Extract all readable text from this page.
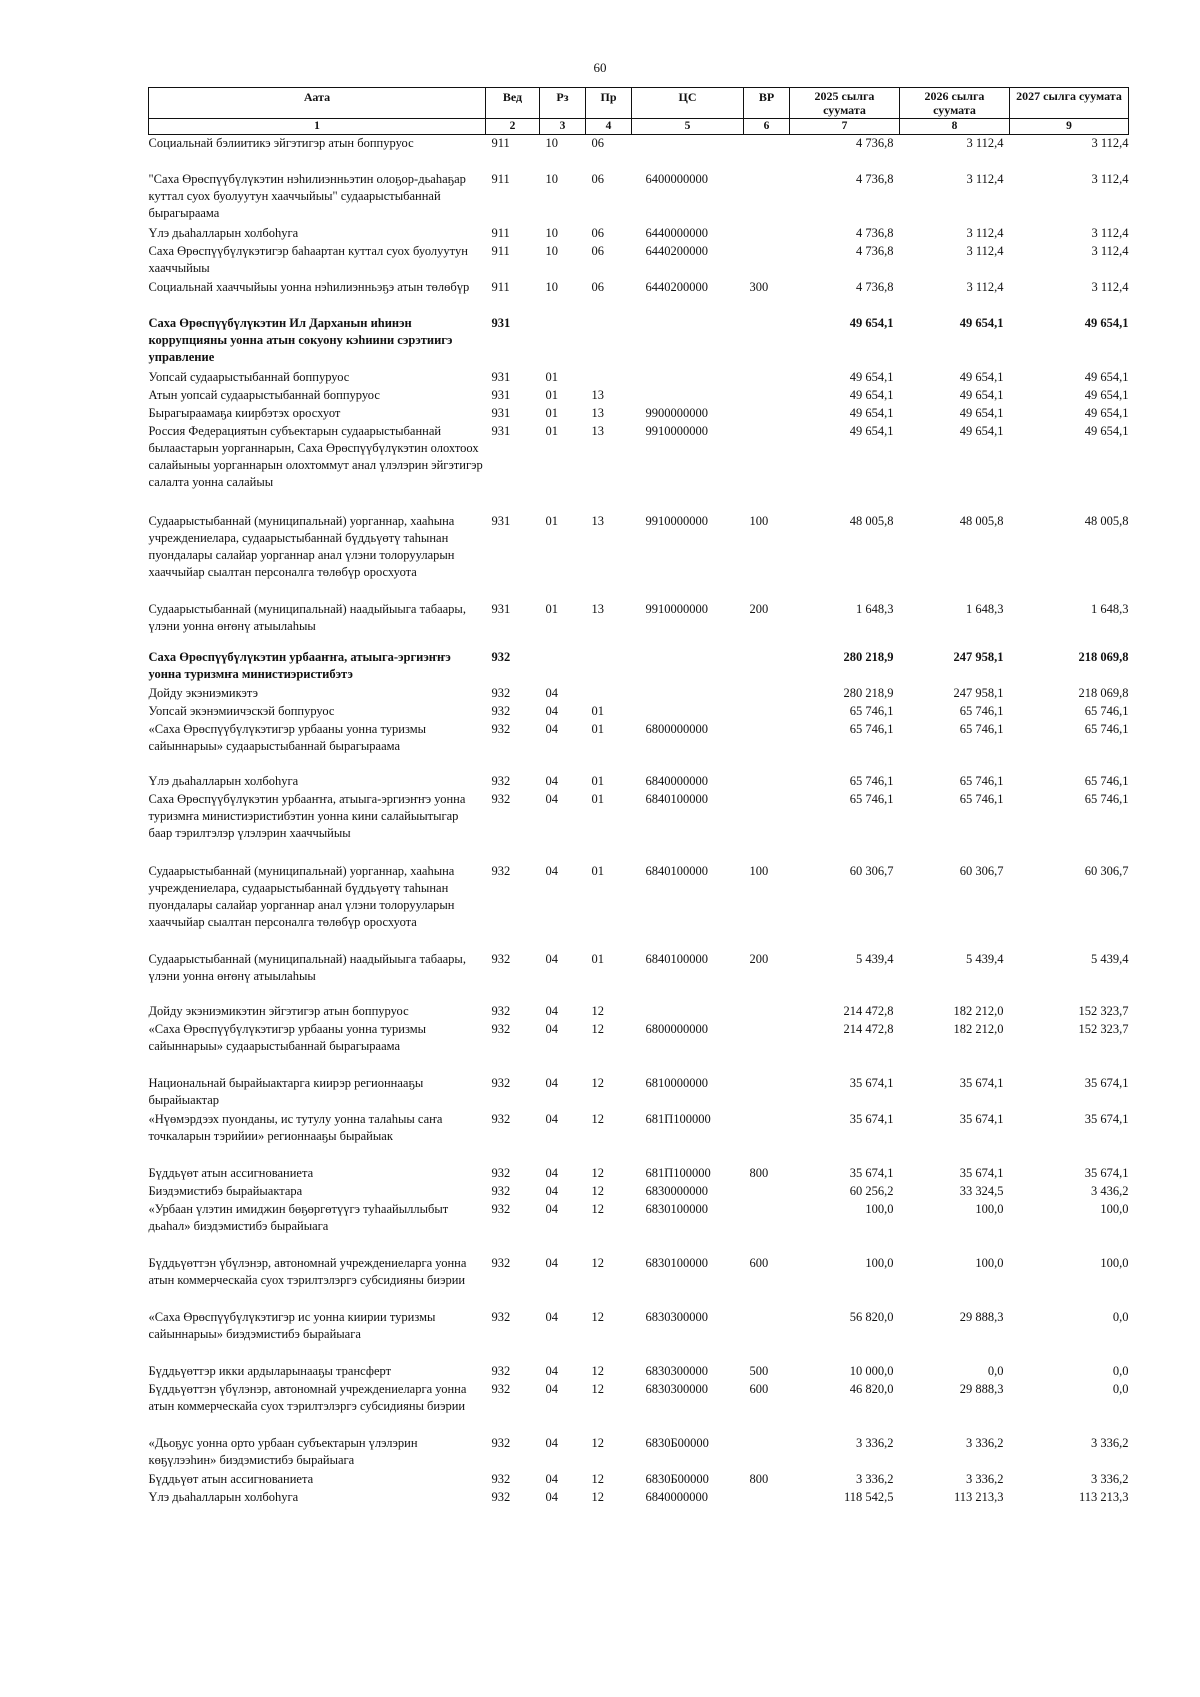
60
Аата	Вед	Рз	Пр	ЦС	ВР	2025 сылга суумата	2026 сылга суумата	2027 сылга суумата
1	2	3	4	5	6	7	8	9
Социальнай бэлиитикэ эйгэтигэр атын боппуруос	911	10	06			4 736,8	3 112,4	3 112,4
"Саха Өрөспүүбүлүкэтин нэһилиэнньэтин олоҕор-дьаһаҕар куттал суох буолуутун хааччыйыы" судаарыстыбаннай бырагыраама	911	10	06	6400000000		4 736,8	3 112,4	3 112,4
Үлэ дьаһалларын холбоһуга	911	10	06	6440000000		4 736,8	3 112,4	3 112,4
Саха Өрөспүүбүлүкэтигэр баһаартан куттал суох буолуутун хааччыйыы	911	10	06	6440200000		4 736,8	3 112,4	3 112,4
Социальнай хааччыйыы уонна нэһилиэнньэҕэ атын төлөбүр	911	10	06	6440200000	300	4 736,8	3 112,4	3 112,4
Саха Өрөспүүбүлүкэтин Ил Дарханын иһинэн коррупцияны уонна атын сокуону кэһиини сэрэтиигэ управление	931					49 654,1	49 654,1	49 654,1
Уопсай судаарыстыбаннай боппуруос	931	01				49 654,1	49 654,1	49 654,1
Атын уопсай судаарыстыбаннай боппуруос	931	01	13			49 654,1	49 654,1	49 654,1
Бырагыраамаҕа киирбэтэх оросхуот	931	01	13	9900000000		49 654,1	49 654,1	49 654,1
Россия Федерациятын субъектарын судаарыстыбаннай былаастарын уорганнарын, Саха Өрөспүүбүлүкэтин олохтоох салайыныы уорганнарын олохтоммут анал үлэлэрин эйгэтигэр салалта уонна салайыы	931	01	13	9910000000		49 654,1	49 654,1	49 654,1
Судаарыстыбаннай (муниципальнай) уорганнар, хааһына учреждениелара, судаарыстыбаннай бүддьүөтү таһынан пуондалары салайар уорганнар анал үлэни толорууларын хааччыйар сыалтан персоналга төлөбүр оросхуота	931	01	13	9910000000	100	48 005,8	48 005,8	48 005,8
Судаарыстыбаннай (муниципальнай) наадыйыыга табаары, үлэни уонна өҥөнү атыылаһыы	931	01	13	9910000000	200	1 648,3	1 648,3	1 648,3
Саха Өрөспүүбүлүкэтин урбааҥҥа, атыыга-эргиэҥҥэ уонна туризмҥа министиэристибэтэ	932					280 218,9	247 958,1	218 069,8
Дойду экэниэмикэтэ	932	04				280 218,9	247 958,1	218 069,8
Уопсай экэнэмиичэскэй боппуруос	932	04	01			65 746,1	65 746,1	65 746,1
«Саха Өрөспүүбүлүкэтигэр урбааны уонна туризмы сайыннарыы» судаарыстыбаннай бырагыраама	932	04	01	6800000000		65 746,1	65 746,1	65 746,1
Үлэ дьаһалларын холбоһуга	932	04	01	6840000000		65 746,1	65 746,1	65 746,1
Саха Өрөспүүбүлүкэтин урбааҥҥа, атыыга-эргиэҥҥэ уонна туризмҥа министиэристибэтин уонна кини салайыытыгар баар тэрилтэлэр үлэлэрин хааччыйыы	932	04	01	6840100000		65 746,1	65 746,1	65 746,1
Судаарыстыбаннай (муниципальнай) уорганнар, хааһына учреждениелара, судаарыстыбаннай бүддьүөтү таһынан пуондалары салайар уорганнар анал үлэни толорууларын хааччыйар сыалтан персоналга төлөбүр оросхуота	932	04	01	6840100000	100	60 306,7	60 306,7	60 306,7
Судаарыстыбаннай (муниципальнай) наадыйыыга табаары, үлэни уонна өҥөнү атыылаһыы	932	04	01	6840100000	200	5 439,4	5 439,4	5 439,4
Дойду экэниэмикэтин эйгэтигэр атын боппуруос	932	04	12			214 472,8	182 212,0	152 323,7
«Саха Өрөспүүбүлүкэтигэр урбааны уонна туризмы сайыннарыы» судаарыстыбаннай бырагыраама	932	04	12	6800000000		214 472,8	182 212,0	152 323,7
Национальнай бырайыактарга киирэр регионнааҕы бырайыактар	932	04	12	6810000000		35 674,1	35 674,1	35 674,1
«Нүөмэрдээх пуонданы, ис тутулу уонна талаһыы саҥа точкаларын тэрийии» регионнааҕы бырайыак	932	04	12	681П100000		35 674,1	35 674,1	35 674,1
Бүддьүөт атын ассигнованиета	932	04	12	681П100000	800	35 674,1	35 674,1	35 674,1
Биэдэмистибэ бырайыактара	932	04	12	6830000000		60 256,2	33 324,5	3 436,2
«Урбаан үлэтин имиджин бөҕөргөтүүгэ туһаайыллыбыт дьаһал» биэдэмистибэ бырайыага	932	04	12	6830100000		100,0	100,0	100,0
Бүддьүөттэн үбүлэнэр, автономнай учреждениеларга уонна атын коммерческайа суох тэрилтэлэргэ субсидияны биэрии	932	04	12	6830100000	600	100,0	100,0	100,0
«Саха Өрөспүүбүлүкэтигэр ис уонна киирии туризмы сайыннарыы» биэдэмистибэ бырайыага	932	04	12	6830300000		56 820,0	29 888,3	0,0
Бүддьүөттэр икки ардыларынааҕы трансферт	932	04	12	6830300000	500	10 000,0	0,0	0,0
Бүддьүөттэн үбүлэнэр, автономнай учреждениеларга уонна атын коммерческайа суох тэрилтэлэргэ субсидияны биэрии	932	04	12	6830300000	600	46 820,0	29 888,3	0,0
«Дьоҕус уонна орто урбаан субъектарын үлэлэрин көҕүлээһин» биэдэмистибэ бырайыага	932	04	12	6830Б00000		3 336,2	3 336,2	3 336,2
Бүддьүөт атын ассигнованиета	932	04	12	6830Б00000	800	3 336,2	3 336,2	3 336,2
Үлэ дьаһалларын холбоһуга	932	04	12	6840000000		118 542,5	113 213,3	113 213,3
